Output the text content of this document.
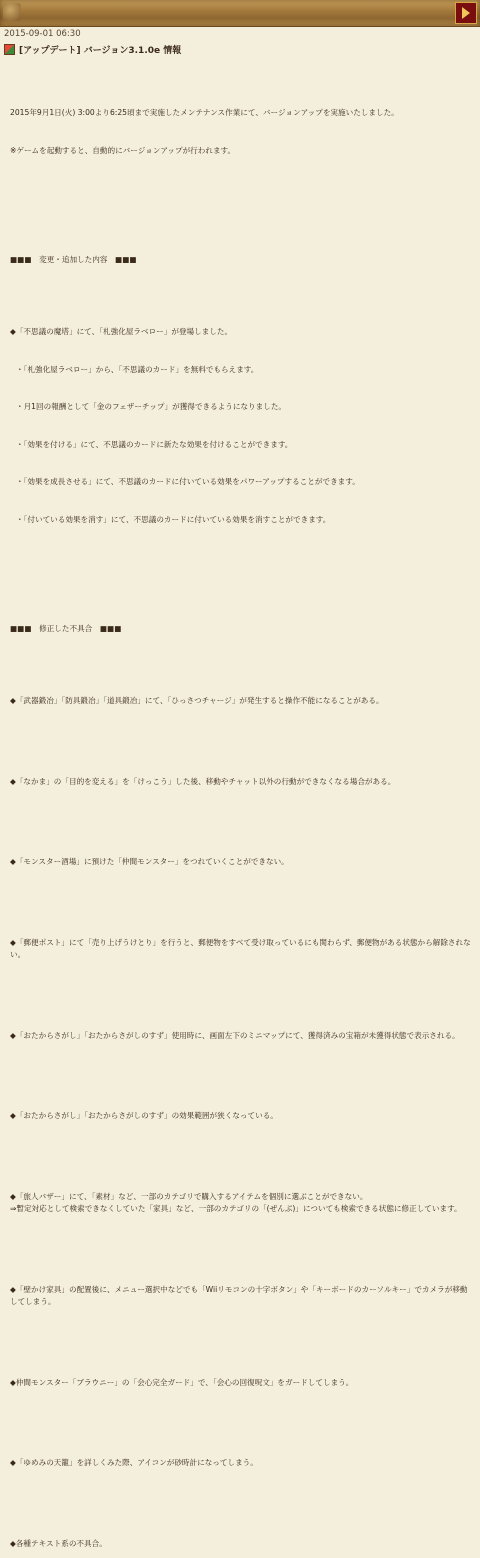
2015-09-01 06:30
[アップデート] バージョン3.1.0e 情報

2015年9月1日(火) 3:00より6:25頃まで実施したメンテナンス作業にて、バージョンアップを実施いたしました。

※ゲームを起動すると、自動的にバージョンアップが行われます。

■■■　変更・追加した内容　■■■

◆「不思議の魔塔」にて、「札強化屋ラベロー」が登場しました。

・「札強化屋ラベロー」から、「不思議のカード」を無料でもらえます。

・月1回の報酬として「金のフェザーチップ」が獲得できるようになりました。

・「効果を付ける」にて、不思議のカードに新たな効果を付けることができます。

・「効果を成長させる」にて、不思議のカードに付いている効果をパワーアップすることができます。

・「付いている効果を消す」にて、不思議のカードに付いている効果を消すことができます。

■■■　修正した不具合　■■■

◆「武器鍛冶」「防具鍛冶」「道具鍛冶」にて、「ひっさつチャージ」が発生すると操作不能になることがある。

◆「なかま」の「目的を変える」を「けっこう」した後、移動やチャット以外の行動ができなくなる場合がある。

◆「モンスター酒場」に預けた「仲間モンスター」をつれていくことができない。

◆「郵便ポスト」にて「売り上げうけとり」を行うと、郵便物をすべて受け取っているにも関わらず、郵便物がある状態から解除されない。

◆「おたからさがし」「おたからさがしのすず」使用時に、画面左下のミニマップにて、獲得済みの宝箱が未獲得状態で表示される。

◆「おたからさがし」「おたからさがしのすず」の効果範囲が狭くなっている。

◆「旅人バザー」にて、「素材」など、一部のカテゴリで購入するアイテムを個別に選ぶことができない。
⇒暫定対応として検索できなくしていた「家具」など、一部のカテゴリの「(ぜんぶ)」についても検索できる状態に修正しています。

◆「壁かけ家具」の配置後に、メニュー選択中などでも「Wiiリモコンの十字ボタン」や「キーボードのカーソルキー」でカメラが移動してしまう。

◆仲間モンスター「ブラウニー」の「会心完全ガード」で、「会心の回復呪文」をガードしてしまう。

◆「ゆめみの天籠」を詳しくみた際、アイコンが砂時計になってしまう。

◆各種テキスト系の不具合。
